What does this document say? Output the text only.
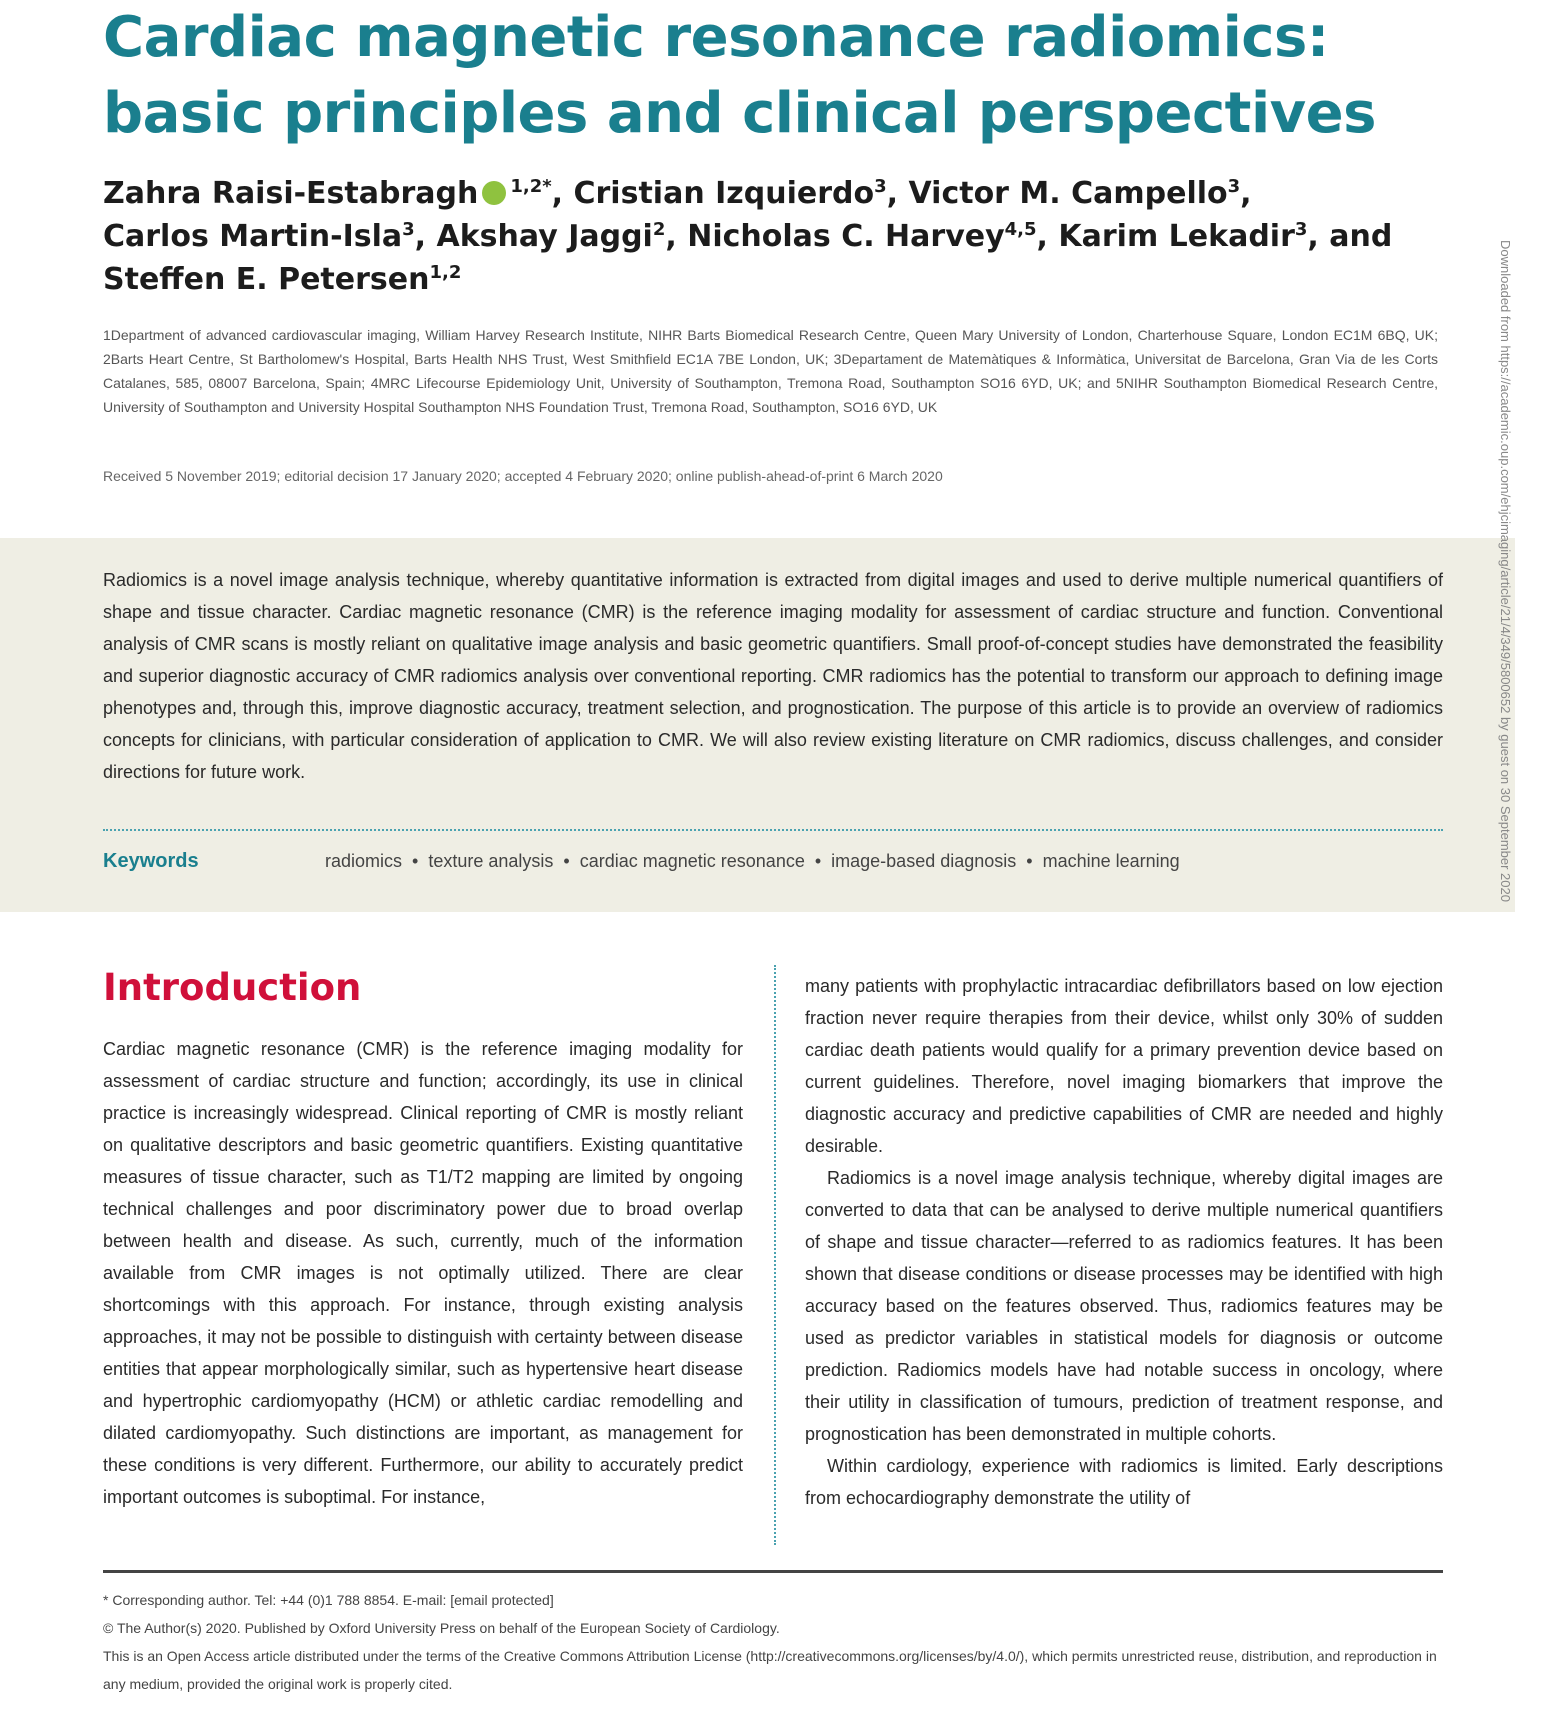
Cardiac magnetic resonance radiomics: basic principles and clinical perspectives
Zahra Raisi-Estabragh $^{1,2*}$, Cristian Izquierdo$^3$, Victor M. Campello$^3$,
Carlos Martin-Isla$^3$, Akshay Jaggi$^2$, Nicholas C. Harvey$^{4,5}$, Karim Lekadir$^3$, and
Steffen E. Petersen$^{1,2}$

1Department of advanced cardiovascular imaging, William Harvey Research Institute, NIHR Barts Biomedical Research Centre, Queen Mary University of London, Charterhouse Square, London EC1M 6BQ, UK; 2Barts Heart Centre, St Bartholomew's Hospital, Barts Health NHS Trust, West Smithfield EC1A 7BE London, UK; 3Departament de Matemàtiques & Informàtica, Universitat de Barcelona, Gran Via de les Corts Catalanes, 585, 08007 Barcelona, Spain; 4MRC Lifecourse Epidemiology Unit, University of Southampton, Tremona Road, Southampton SO16 6YD, UK; and 5NIHR Southampton Biomedical Research Centre, University of Southampton and University Hospital Southampton NHS Foundation Trust, Tremona Road, Southampton, SO16 6YD, UK

Received 5 November 2019; editorial decision 17 January 2020; accepted 4 February 2020; online publish-ahead-of-print 6 March 2020

Radiomics is a novel image analysis technique, whereby quantitative information is extracted from digital images and used to derive multiple numerical quantifiers of shape and tissue character. Cardiac magnetic resonance (CMR) is the reference imaging modality for assessment of cardiac structure and function. Conventional analysis of CMR scans is mostly reliant on qualitative image analysis and basic geometric quantifiers. Small proof-of-concept studies have demonstrated the feasibility and superior diagnostic accuracy of CMR radiomics analysis over conventional reporting. CMR radiomics has the potential to transform our approach to defining image phenotypes and, through this, improve diagnostic accuracy, treatment selection, and prognostication. The purpose of this article is to provide an overview of radiomics concepts for clinicians, with particular consideration of application to CMR. We will also review existing literature on CMR radiomics, discuss challenges, and consider directions for future work.

Keywords	radiomics • texture analysis • cardiac magnetic resonance • image-based diagnosis • machine learning
Introduction

Cardiac magnetic resonance (CMR) is the reference imaging modality for assessment of cardiac structure and function; accordingly, its use in clinical practice is increasingly widespread. Clinical reporting of CMR is mostly reliant on qualitative descriptors and basic geometric quantifiers. Existing quantitative measures of tissue character, such as T1/T2 mapping are limited by ongoing technical challenges and poor discriminatory power due to broad overlap between health and disease. As such, currently, much of the information available from CMR images is not optimally utilized. There are clear shortcomings with this approach. For instance, through existing analysis approaches, it may not be possible to distinguish with certainty between disease entities that appear morphologically similar, such as hypertensive heart disease and hypertrophic cardiomyopathy (HCM) or athletic cardiac remodelling and dilated cardiomyopathy. Such distinctions are important, as management for these conditions is very different. Furthermore, our ability to accurately predict important outcomes is suboptimal. For instance,

many patients with prophylactic intracardiac defibrillators based on low ejection fraction never require therapies from their device, whilst only 30% of sudden cardiac death patients would qualify for a primary prevention device based on current guidelines. Therefore, novel imaging biomarkers that improve the diagnostic accuracy and predictive capabilities of CMR are needed and highly desirable.

Radiomics is a novel image analysis technique, whereby digital images are converted to data that can be analysed to derive multiple numerical quantifiers of shape and tissue character—referred to as radiomics features. It has been shown that disease conditions or disease processes may be identified with high accuracy based on the features observed. Thus, radiomics features may be used as predictor variables in statistical models for diagnosis or outcome prediction. Radiomics models have had notable success in oncology, where their utility in classification of tumours, prediction of treatment response, and prognostication has been demonstrated in multiple cohorts.

Within cardiology, experience with radiomics is limited. Early descriptions from echocardiography demonstrate the utility of

* Corresponding author. Tel: +44 (0)1 788 8854. E-mail: [email protected]

© The Author(s) 2020. Published by Oxford University Press on behalf of the European Society of Cardiology.

This is an Open Access article distributed under the terms of the Creative Commons Attribution License (http://creativecommons.org/licenses/by/4.0/), which permits unrestricted reuse, distribution, and reproduction in any medium, provided the original work is properly cited.

Downloaded from https://academic.oup.com/ehjcimaging/article/21/4/349/5800652 by guest on 30 September 2020
